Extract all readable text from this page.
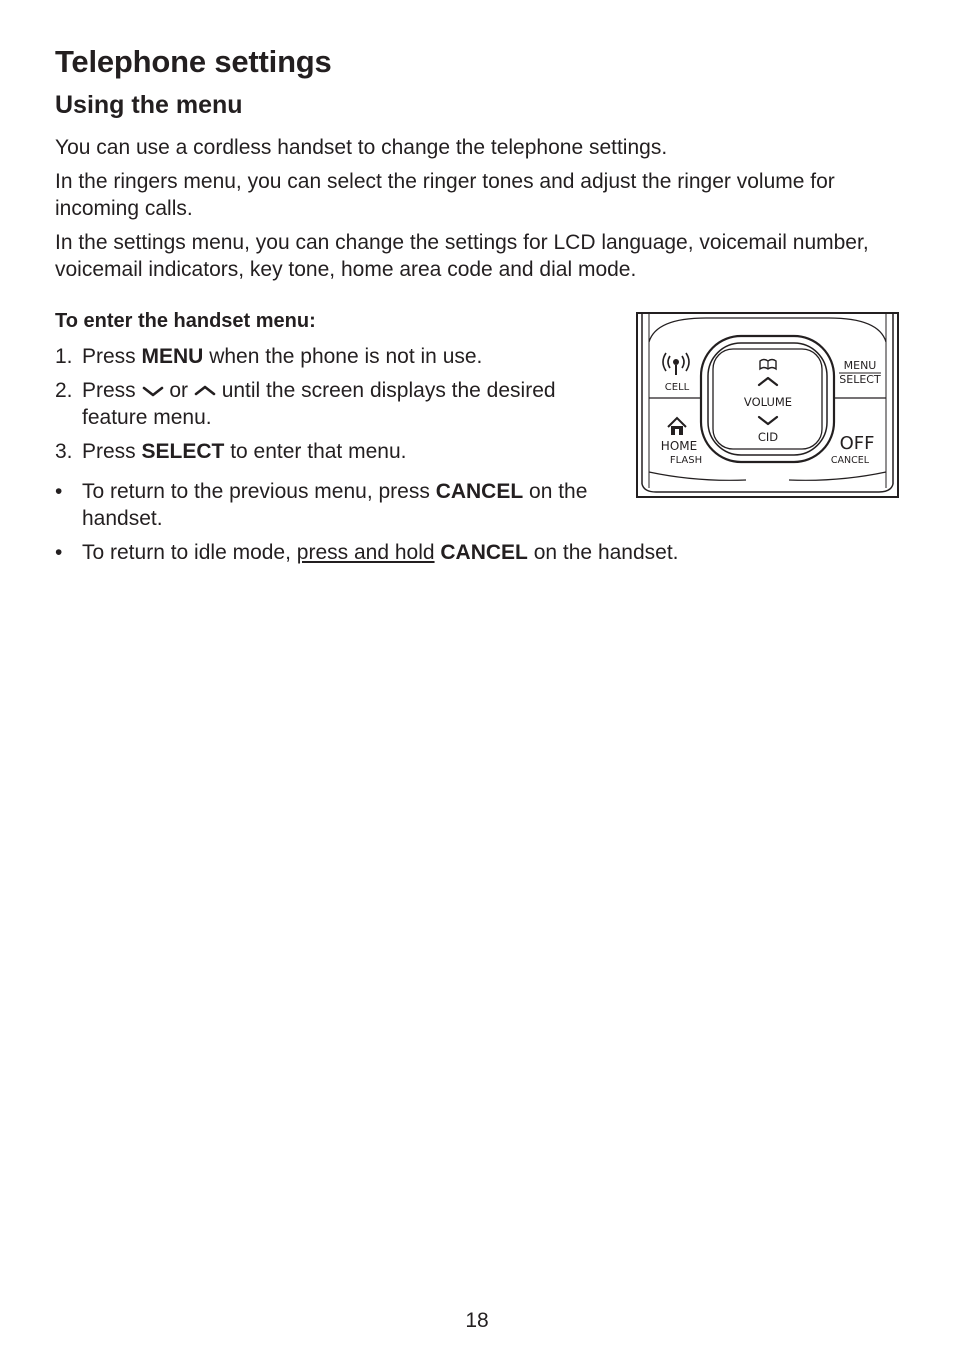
Telephone settings
Using the menu

You can use a cordless handset to change the telephone settings.

In the ringers menu, you can select the ringer tones and adjust the ringer volume for incoming calls.

In the settings menu, you can change the settings for LCD language, voicemail number, voicemail indicators, key tone, home area code and dial mode.

To enter the handset menu:

1. Press MENU when the phone is not in use.
2. Press  or  until the screen displays the desired feature menu.
3. Press SELECT to enter that menu.
• To return to the previous menu, press CANCEL on the handset.
• To return to idle mode, press and hold CANCEL on the handset.
VOLUME
CID
CELL
MENU
SELECT
HOME
FLASH
OFF
CANCEL
18
